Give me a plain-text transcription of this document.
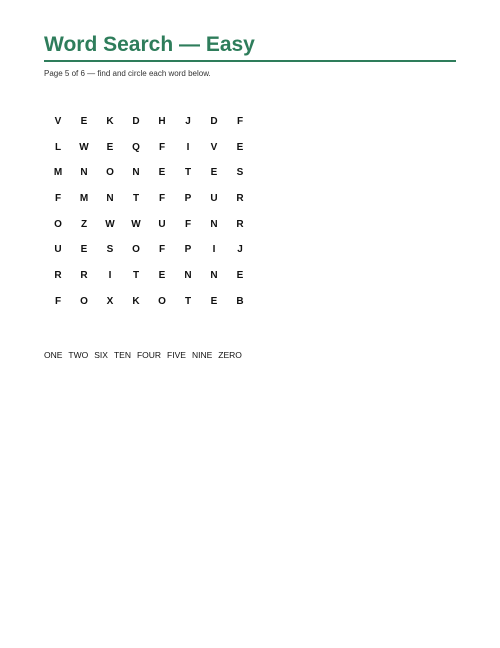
Word Search — Easy
Page 5 of 6 — find and circle each word below.
V	E	K	D	H	J	D	F
L	W	E	Q	F	I	V	E
M	N	O	N	E	T	E	S
F	M	N	T	F	P	U	R
O	Z	W	W	U	F	N	R
U	E	S	O	F	P	I	J
R	R	I	T	E	N	N	E
F	O	X	K	O	T	E	B
ONE TWO SIX TEN FOUR FIVE NINE ZERO
